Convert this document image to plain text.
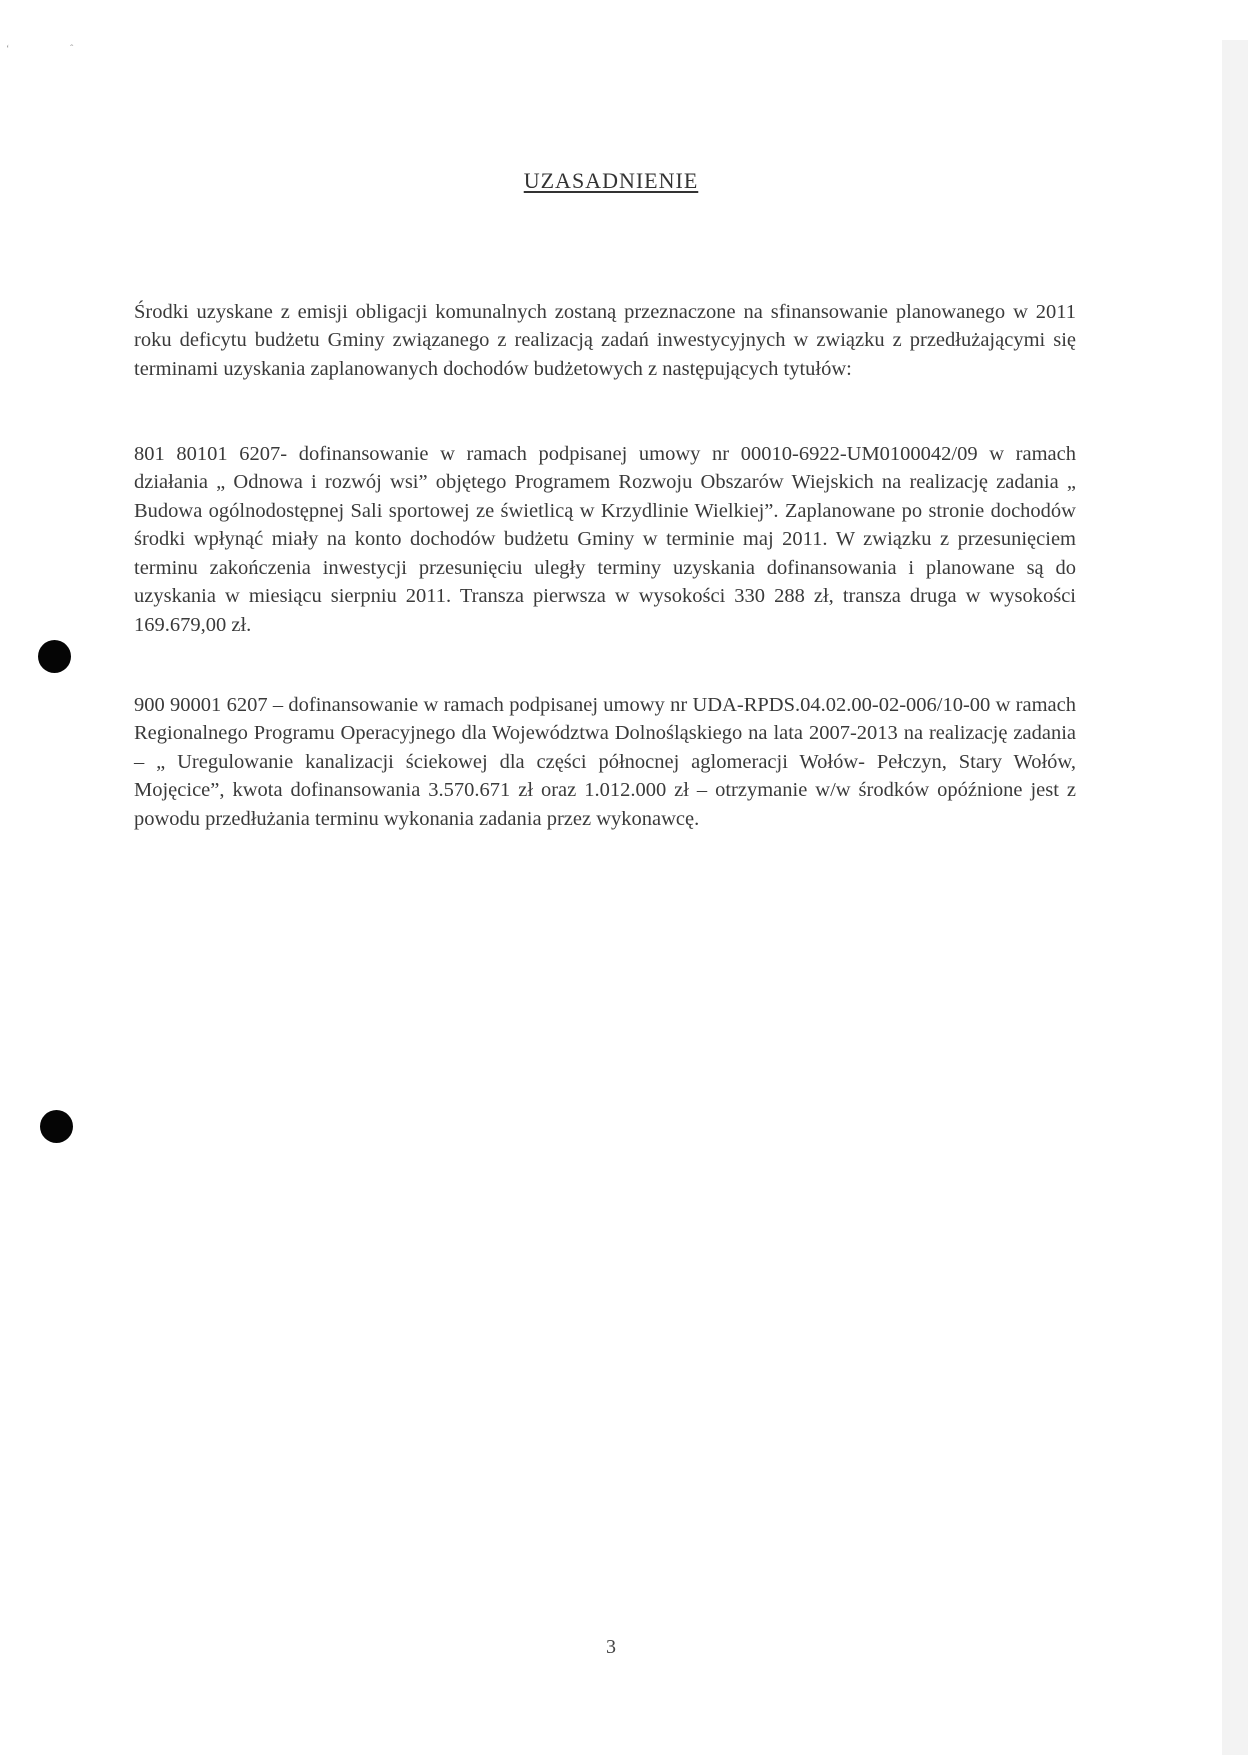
ʻ	ˆ
UZASADNIENIE

Środki uzyskane z emisji obligacji komunalnych zostaną przeznaczone na sfinansowanie planowanego w 2011 roku deficytu budżetu Gminy związanego z realizacją zadań inwestycyjnych w związku z przedłużającymi się terminami uzyskania zaplanowanych dochodów budżetowych z następujących tytułów:

801 80101 6207- dofinansowanie w ramach podpisanej umowy nr 00010-6922-UM0100042/09 w ramach działania „ Odnowa i rozwój wsi” objętego Programem Rozwoju Obszarów Wiejskich na realizację zadania „ Budowa ogólnodostępnej Sali sportowej ze świetlicą w Krzydlinie Wielkiej”. Zaplanowane po stronie dochodów środki wpłynąć miały na konto dochodów budżetu Gminy w terminie maj 2011. W związku z przesunięciem terminu zakończenia inwestycji przesunięciu uległy terminy uzyskania dofinansowania i planowane są do uzyskania w miesiącu sierpniu 2011. Transza pierwsza w wysokości 330 288 zł, transza druga w wysokości 169.679,00 zł.

900 90001 6207 – dofinansowanie w ramach podpisanej umowy nr UDA-RPDS.04.02.00-02-006/10-00 w ramach Regionalnego Programu Operacyjnego dla Województwa Dolnośląskiego na lata 2007-2013 na realizację zadania – „ Uregulowanie kanalizacji ściekowej dla części północnej aglomeracji Wołów- Pełczyn, Stary Wołów, Mojęcice”, kwota dofinansowania 3.570.671 zł oraz 1.012.000 zł – otrzymanie w/w środków opóźnione jest z powodu przedłużania terminu wykonania zadania przez wykonawcę.

3
